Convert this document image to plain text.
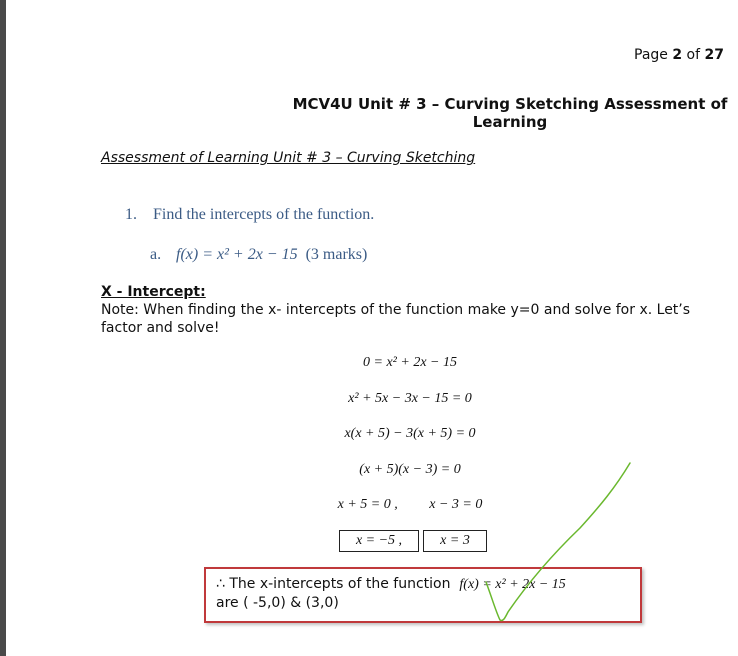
Page 2 of 27
MCV4U Unit # 3 – Curving Sketching Assessment of Learning
Assessment of Learning Unit # 3 – Curving Sketching
1. Find the intercepts of the function.
a. f(x) = x² + 2x − 15 (3 marks)
X - Intercept:
Note: When finding the x- intercepts of the function make y=0 and solve for x. Let’s factor and solve!
0 = x² + 2x − 15
x² + 5x − 3x − 15 = 0
x(x + 5) − 3(x + 5) = 0
(x + 5)(x − 3) = 0
x + 5 = 0 , x − 3 = 0
x = −5 ,	x = 3
∴ The x-intercepts of the function f(x) = x² + 2x − 15
are ( -5,0) & (3,0)
